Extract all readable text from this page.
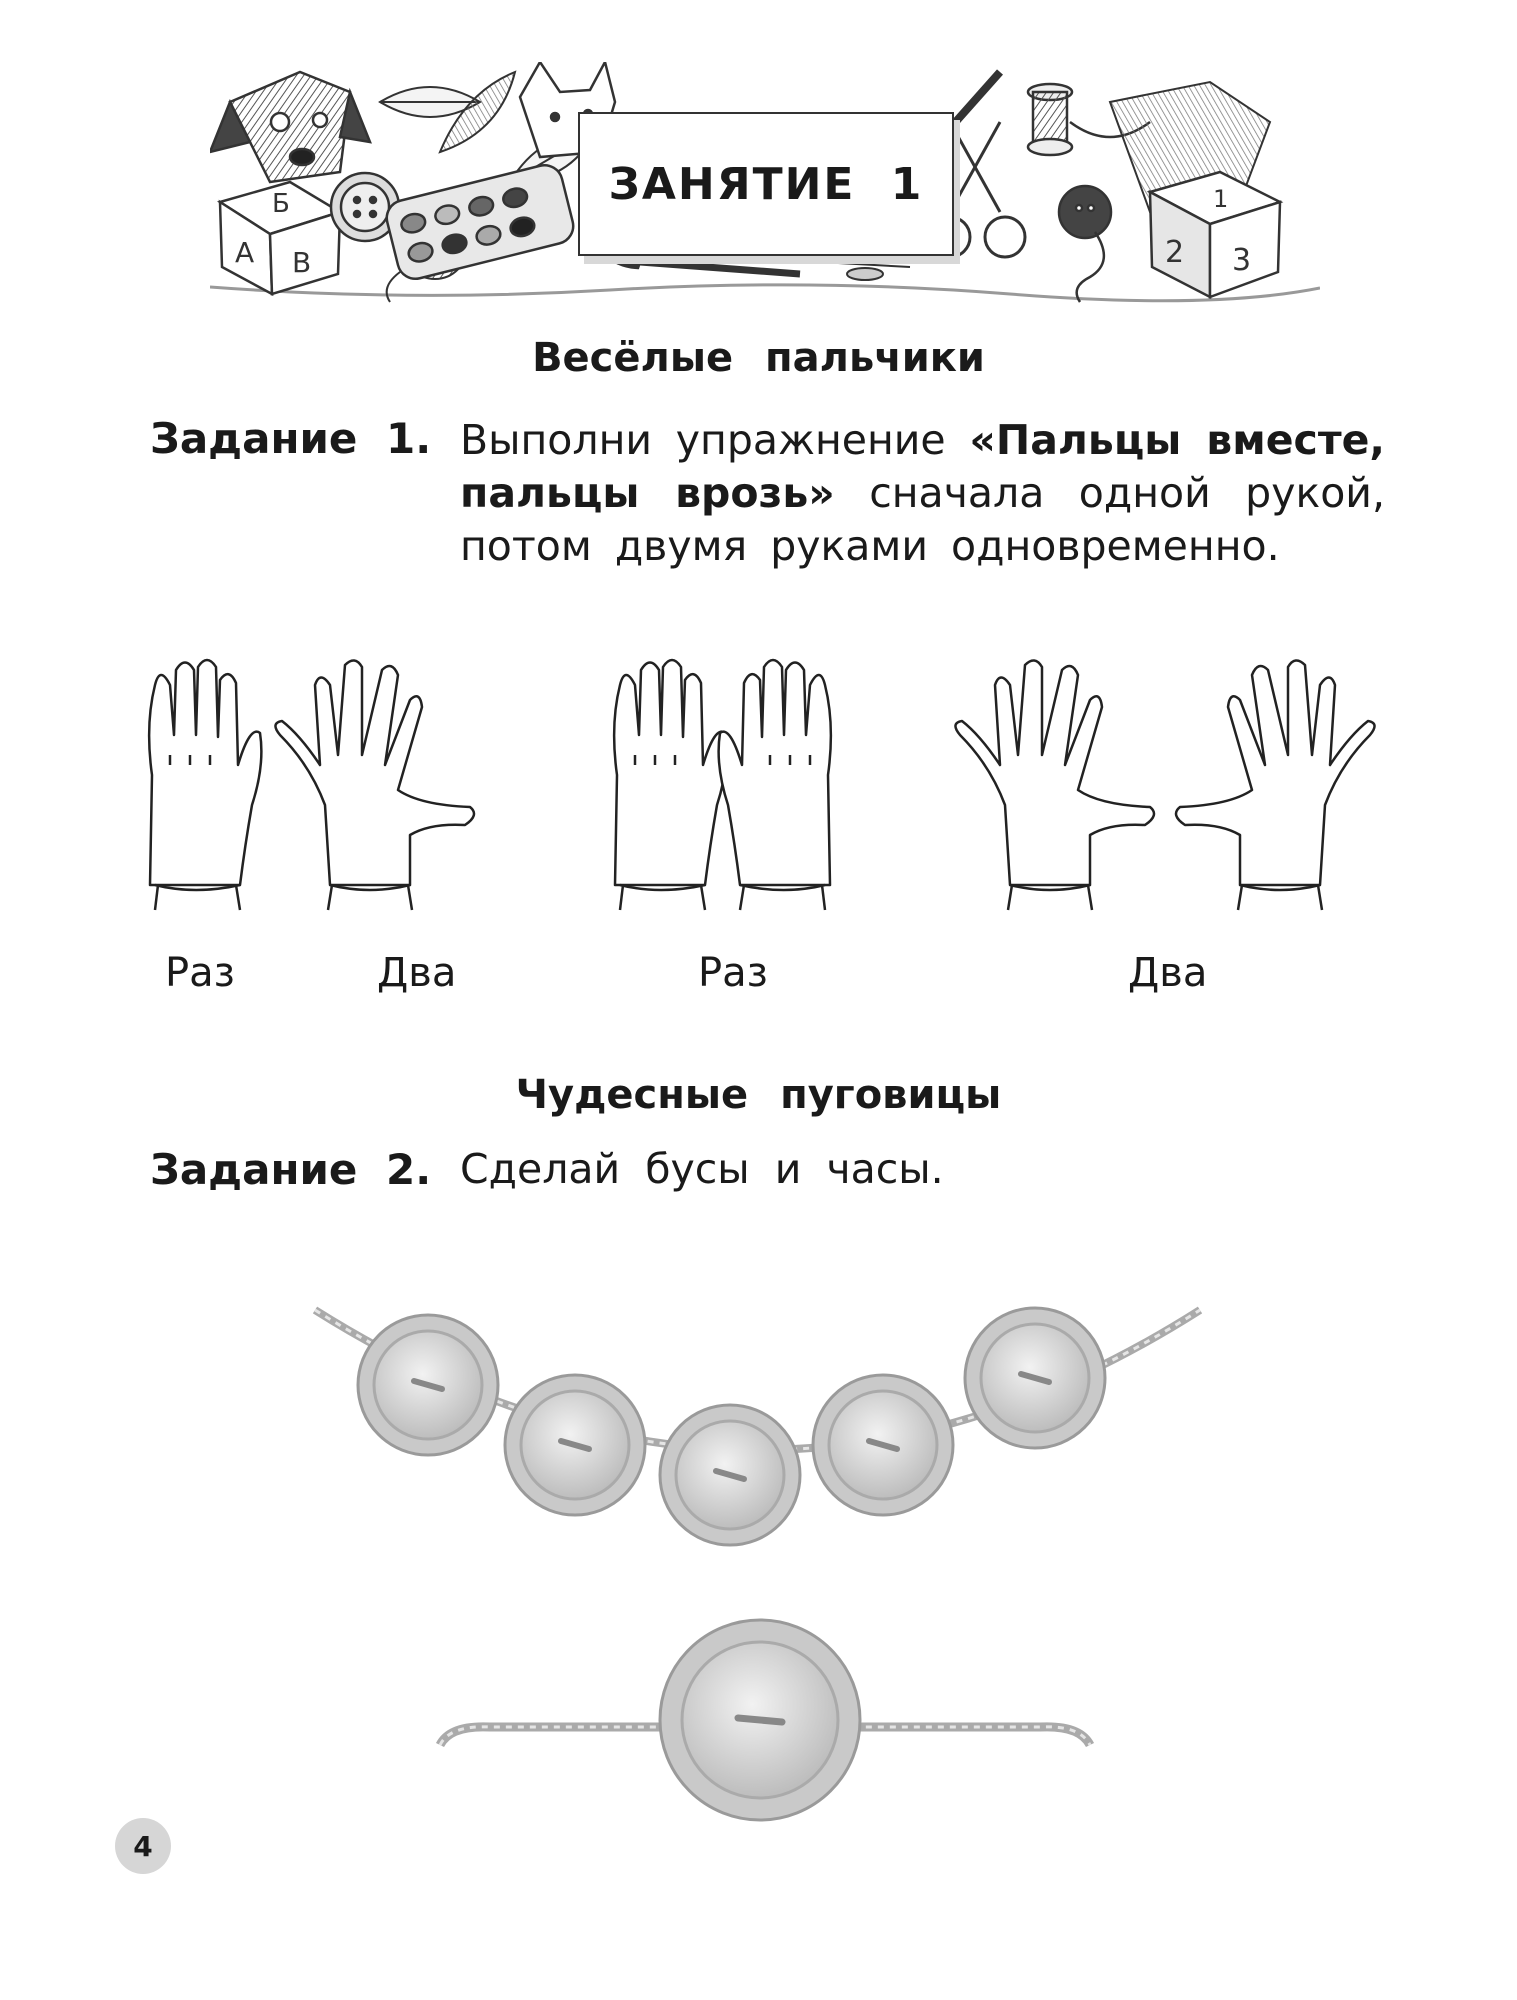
Б
А В
1
2 3
ЗАНЯТИЕ 1
Весёлые пальчики
Задание 1. Выполни упражнение «Пальцы вместе, пальцы врозь» сначала одной рукой, потом двумя руками одновременно.
Раз	Два	Раз	Два
Чудесные пуговицы
Задание 2. Сделай бусы и часы.
4
